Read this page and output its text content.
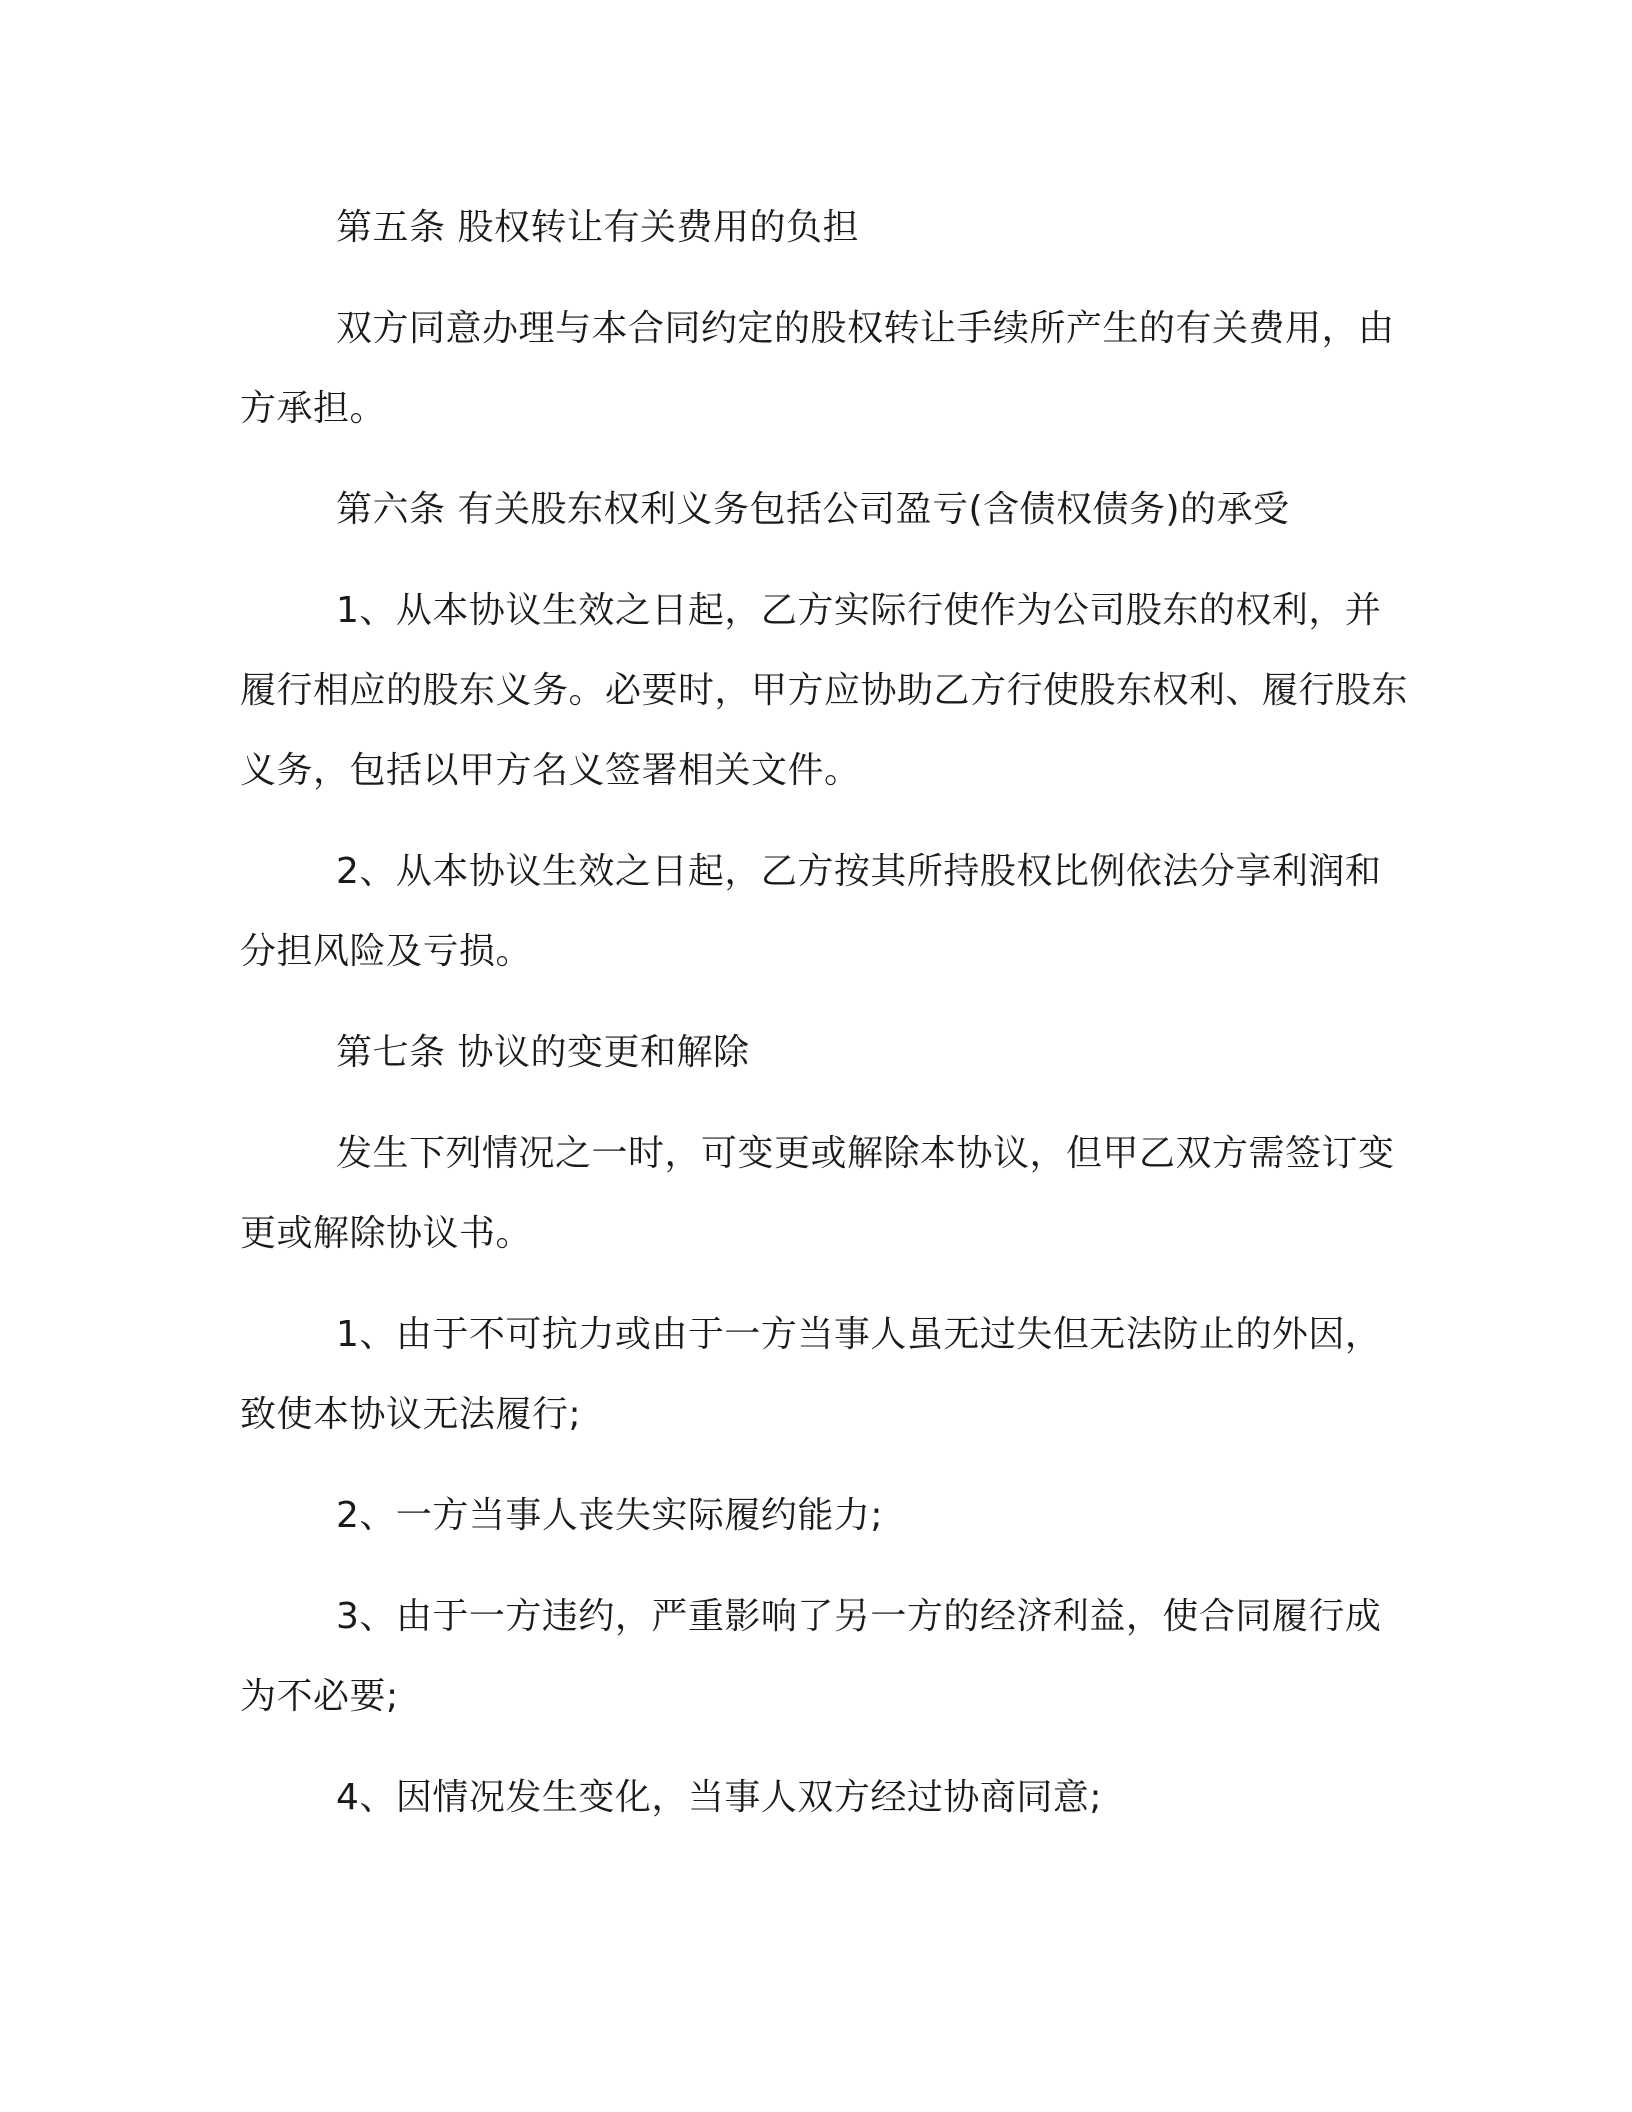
第五条 股权转让有关费用的负担

双方同意办理与本合同约定的股权转让手续所产生的有关费用，由 方承担。

第六条 有关股东权利义务包括公司盈亏(含债权债务)的承受

1、从本协议生效之日起，乙方实际行使作为公司股东的权利，并履行相应的股东义务。必要时，甲方应协助乙方行使股东权利、履行股东义务，包括以甲方名义签署相关文件。

2、从本协议生效之日起，乙方按其所持股权比例依法分享利润和分担风险及亏损。

第七条 协议的变更和解除

发生下列情况之一时，可变更或解除本协议，但甲乙双方需签订变更或解除协议书。

1、由于不可抗力或由于一方当事人虽无过失但无法防止的外因，致使本协议无法履行;

2、一方当事人丧失实际履约能力;

3、由于一方违约，严重影响了另一方的经济利益，使合同履行成为不必要;

4、因情况发生变化，当事人双方经过协商同意;
